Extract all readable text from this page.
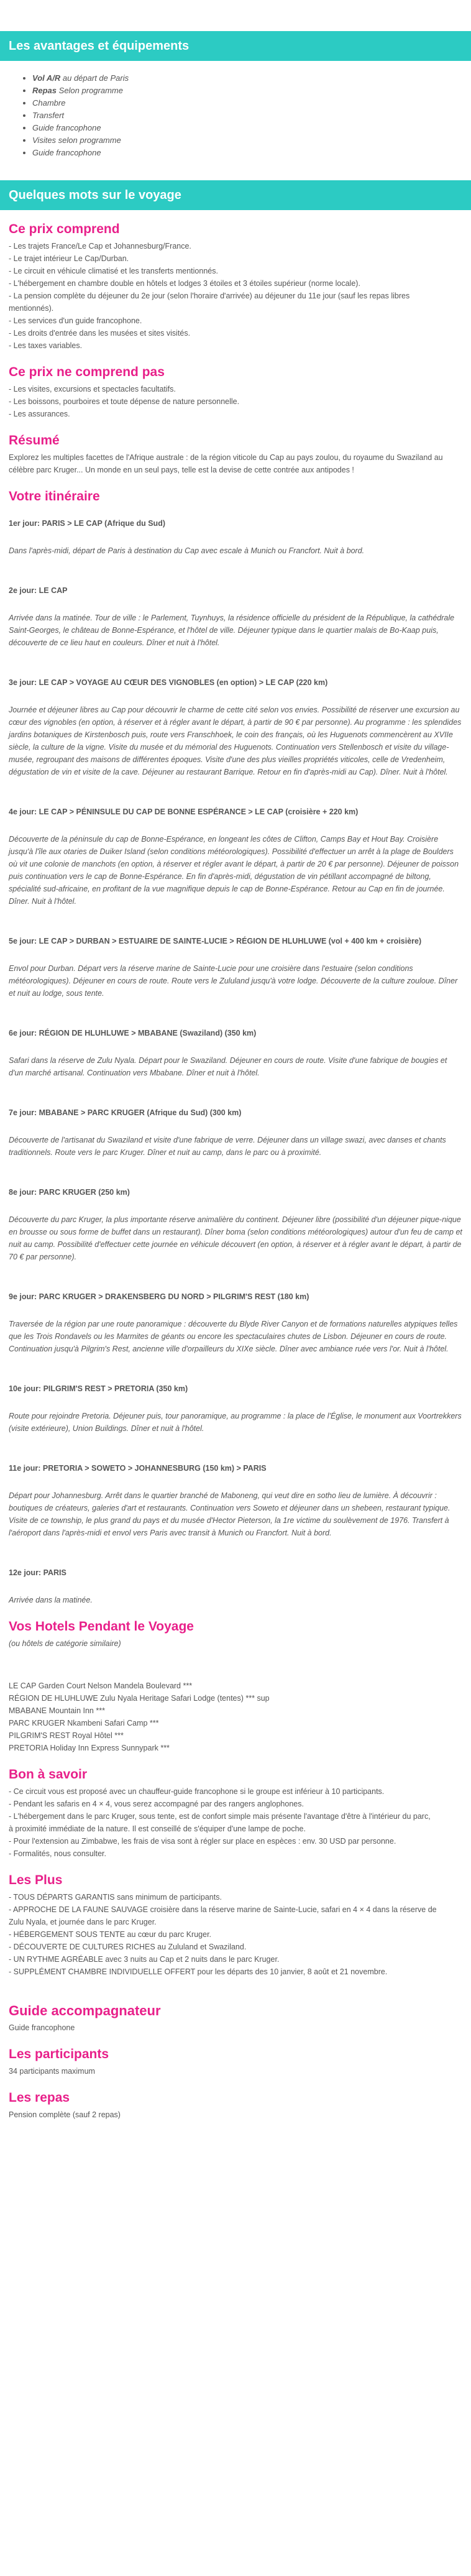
Les avantages et équipements
• Vol A/R au départ de Paris
• Repas Selon programme
• Chambre
• Transfert
• Guide francophone
• Visites selon programme
• Guide francophone
Quelques mots sur le voyage
Ce prix comprend
- Les trajets France/Le Cap et Johannesburg/France.
- Le trajet intérieur Le Cap/Durban.
- Le circuit en véhicule climatisé et les transferts mentionnés.
- L'hébergement en chambre double en hôtels et lodges 3 étoiles et 3 étoiles supérieur (norme locale).
- La pension complète du déjeuner du 2e jour (selon l'horaire d'arrivée) au déjeuner du 11e jour (sauf les repas libres
mentionnés).
- Les services d'un guide francophone.
- Les droits d'entrée dans les musées et sites visités.
- Les taxes variables.
Ce prix ne comprend pas
- Les visites, excursions et spectacles facultatifs.
- Les boissons, pourboires et toute dépense de nature personnelle.
- Les assurances.
Résumé

Explorez les multiples facettes de l'Afrique australe : de la région viticole du Cap au pays zoulou, du royaume du Swaziland au célèbre parc Kruger... Un monde en un seul pays, telle est la devise de cette contrée aux antipodes !

Votre itinéraire
1er jour: PARIS > LE CAP (Afrique du Sud)

Dans l'après-midi, départ de Paris à destination du Cap avec escale à Munich ou Francfort. Nuit à bord.

2e jour: LE CAP

Arrivée dans la matinée. Tour de ville : le Parlement, Tuynhuys, la résidence officielle du président de la République, la cathédrale Saint-Georges, le château de Bonne-Espérance, et l'hôtel de ville. Déjeuner typique dans le quartier malais de Bo-Kaap puis, découverte de ce lieu haut en couleurs. Dîner et nuit à l'hôtel.

3e jour: LE CAP > VOYAGE AU CŒUR DES VIGNOBLES (en option) > LE CAP (220 km)

Journée et déjeuner libres au Cap pour découvrir le charme de cette cité selon vos envies. Possibilité de réserver une excursion au cœur des vignobles (en option, à réserver et à régler avant le départ, à partir de 90 € par personne). Au programme : les splendides jardins botaniques de Kirstenbosch puis, route vers Franschhoek, le coin des français, où les Huguenots commencèrent au XVIIe siècle, la culture de la vigne. Visite du musée et du mémorial des Huguenots. Continuation vers Stellenbosch et visite du village-musée, regroupant des maisons de différentes époques. Visite d'une des plus vieilles propriétés viticoles, celle de Vredenheim, dégustation de vin et visite de la cave. Déjeuner au restaurant Barrique. Retour en fin d'après-midi au Cap). Dîner. Nuit à l'hôtel.

4e jour: LE CAP > PÉNINSULE DU CAP DE BONNE ESPÉRANCE > LE CAP (croisière + 220 km)

Découverte de la péninsule du cap de Bonne-Espérance, en longeant les côtes de Clifton, Camps Bay et Hout Bay. Croisière jusqu'à l'île aux otaries de Duiker Island (selon conditions météorologiques). Possibilité d'effectuer un arrêt à la plage de Boulders où vit une colonie de manchots (en option, à réserver et régler avant le départ, à partir de 20 € par personne). Déjeuner de poisson puis continuation vers le cap de Bonne-Espérance. En fin d'après-midi, dégustation de vin pétillant accompagné de biltong, spécialité sud-africaine, en profitant de la vue magnifique depuis le cap de Bonne-Espérance. Retour au Cap en fin de journée. Dîner. Nuit à l'hôtel.

5e jour: LE CAP > DURBAN > ESTUAIRE DE SAINTE-LUCIE > RÉGION DE HLUHLUWE (vol + 400 km + croisière)

Envol pour Durban. Départ vers la réserve marine de Sainte-Lucie pour une croisière dans l'estuaire (selon conditions météorologiques). Déjeuner en cours de route. Route vers le Zululand jusqu'à votre lodge. Découverte de la culture zouloue. Dîner et nuit au lodge, sous tente.

6e jour: RÉGION DE HLUHLUWE > MBABANE (Swaziland) (350 km)

Safari dans la réserve de Zulu Nyala. Départ pour le Swaziland. Déjeuner en cours de route. Visite d'une fabrique de bougies et d'un marché artisanal. Continuation vers Mbabane. Dîner et nuit à l'hôtel.

7e jour: MBABANE > PARC KRUGER (Afrique du Sud) (300 km)

Découverte de l'artisanat du Swaziland et visite d'une fabrique de verre. Déjeuner dans un village swazi, avec danses et chants traditionnels. Route vers le parc Kruger. Dîner et nuit au camp, dans le parc ou à proximité.

8e jour: PARC KRUGER (250 km)

Découverte du parc Kruger, la plus importante réserve animalière du continent. Déjeuner libre (possibilité d'un déjeuner pique-nique en brousse ou sous forme de buffet dans un restaurant). Dîner boma (selon conditions météorologiques) autour d'un feu de camp et nuit au camp. Possibilité d'effectuer cette journée en véhicule découvert (en option, à réserver et à régler avant le départ, à partir de 70 € par personne).

9e jour: PARC KRUGER > DRAKENSBERG DU NORD > PILGRIM'S REST (180 km)

Traversée de la région par une route panoramique : découverte du Blyde River Canyon et de formations naturelles atypiques telles que les Trois Rondavels ou les Marmites de géants ou encore les spectaculaires chutes de Lisbon. Déjeuner en cours de route. Continuation jusqu'à Pilgrim's Rest, ancienne ville d'orpailleurs du XIXe siècle. Dîner avec ambiance ruée vers l'or. Nuit à l'hôtel.

10e jour: PILGRIM'S REST > PRETORIA (350 km)

Route pour rejoindre Pretoria. Déjeuner puis, tour panoramique, au programme : la place de l'Église, le monument aux Voortrekkers (visite extérieure), Union Buildings. Dîner et nuit à l'hôtel.

11e jour: PRETORIA > SOWETO > JOHANNESBURG (150 km) > PARIS

Départ pour Johannesburg. Arrêt dans le quartier branché de Maboneng, qui veut dire en sotho lieu de lumière. À découvrir : boutiques de créateurs, galeries d'art et restaurants. Continuation vers Soweto et déjeuner dans un shebeen, restaurant typique. Visite de ce township, le plus grand du pays et du musée d'Hector Pieterson, la 1re victime du soulèvement de 1976. Transfert à l'aéroport dans l'après-midi et envol vers Paris avec transit à Munich ou Francfort. Nuit à bord.

12e jour: PARIS

Arrivée dans la matinée.

Vos Hotels Pendant le Voyage

(ou hôtels de catégorie similaire)

LE CAP Garden Court Nelson Mandela Boulevard ***
RÉGION DE HLUHLUWE Zulu Nyala Heritage Safari Lodge (tentes) *** sup
MBABANE Mountain Inn ***
PARC KRUGER Nkambeni Safari Camp ***
PILGRIM'S REST Royal Hôtel ***
PRETORIA Holiday Inn Express Sunnypark ***
Bon à savoir
- Ce circuit vous est proposé avec un chauffeur-guide francophone si le groupe est inférieur à 10 participants.
- Pendant les safaris en 4 × 4, vous serez accompagné par des rangers anglophones.
- L'hébergement dans le parc Kruger, sous tente, est de confort simple mais présente l'avantage d'être à l'intérieur du parc,
à proximité immédiate de la nature. Il est conseillé de s'équiper d'une lampe de poche.
- Pour l'extension au Zimbabwe, les frais de visa sont à régler sur place en espèces : env. 30 USD par personne.
- Formalités, nous consulter.
Les Plus
- TOUS DÉPARTS GARANTIS sans minimum de participants.
- APPROCHE DE LA FAUNE SAUVAGE croisière dans la réserve marine de Sainte-Lucie, safari en 4 × 4 dans la réserve de
Zulu Nyala, et journée dans le parc Kruger.
- HÉBERGEMENT SOUS TENTE au cœur du parc Kruger.
- DÉCOUVERTE DE CULTURES RICHES au Zululand et Swaziland.
- UN RYTHME AGRÉABLE avec 3 nuits au Cap et 2 nuits dans le parc Kruger.
- SUPPLÉMENT CHAMBRE INDIVIDUELLE OFFERT pour les départs des 10 janvier, 8 août et 21 novembre.
Guide accompagnateur

Guide francophone

Les participants

34 participants maximum

Les repas

Pension complète (sauf 2 repas)
